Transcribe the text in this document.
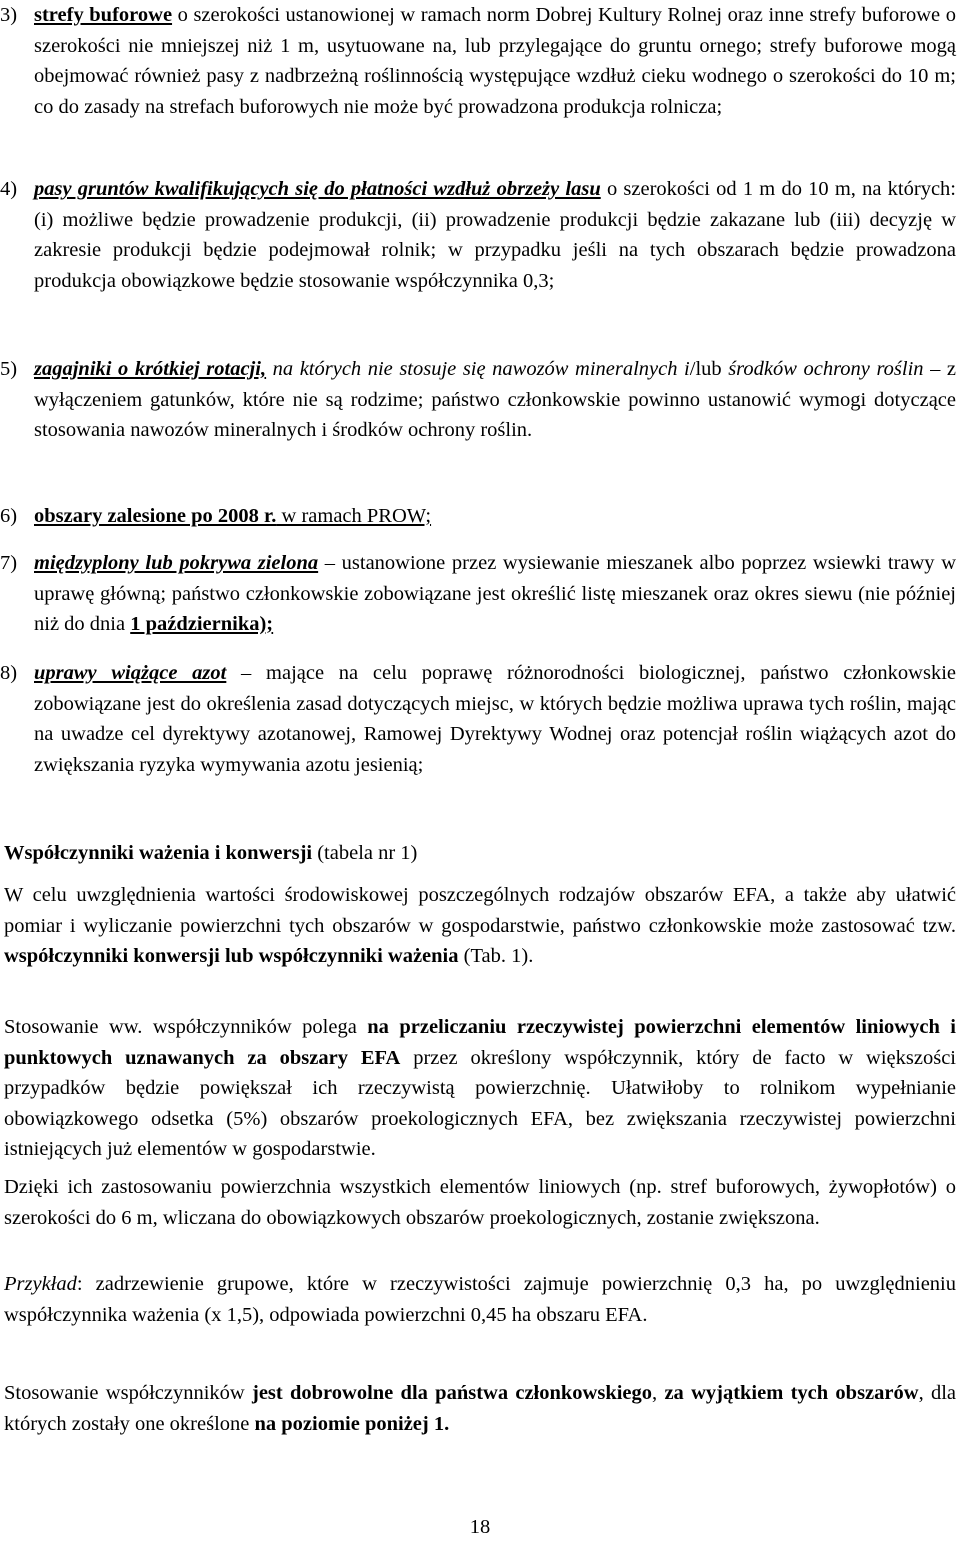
3) strefy buforowe o szerokości ustanowionej w ramach norm Dobrej Kultury Rolnej oraz inne strefy buforowe o szerokości nie mniejszej niż 1 m, usytuowane na, lub przylegające do gruntu ornego; strefy buforowe mogą obejmować również pasy z nadbrzeżną roślinnością występujące wzdłuż cieku wodnego o szerokości do 10 m; co do zasady na strefach buforowych nie może być prowadzona produkcja rolnicza;
4) pasy gruntów kwalifikujących się do płatności wzdłuż obrzeży lasu o szerokości od 1 m do 10 m, na których: (i) możliwe będzie prowadzenie produkcji, (ii) prowadzenie produkcji będzie zakazane lub (iii) decyzję w zakresie produkcji będzie podejmował rolnik; w przypadku jeśli na tych obszarach będzie prowadzona produkcja obowiązkowe będzie stosowanie współczynnika 0,3;
5) zagajniki o krótkiej rotacji, na których nie stosuje się nawozów mineralnych i/lub środków ochrony roślin – z wyłączeniem gatunków, które nie są rodzime; państwo członkowskie powinno ustanowić wymogi dotyczące stosowania nawozów mineralnych i środków ochrony roślin.
6) obszary zalesione po 2008 r. w ramach PROW;
7) międzyplony lub pokrywa zielona – ustanowione przez wysiewanie mieszanek albo poprzez wsiewki trawy w uprawę główną; państwo członkowskie zobowiązane jest określić listę mieszanek oraz okres siewu (nie później niż do dnia 1 października);
8) uprawy wiążące azot – mające na celu poprawę różnorodności biologicznej, państwo członkowskie zobowiązane jest do określenia zasad dotyczących miejsc, w których będzie możliwa uprawa tych roślin, mając na uwadze cel dyrektywy azotanowej, Ramowej Dyrektywy Wodnej oraz potencjał roślin wiążących azot do zwiększania ryzyka wymywania azotu jesienią;
Współczynniki ważenia i konwersji (tabela nr 1)
W celu uwzględnienia wartości środowiskowej poszczególnych rodzajów obszarów EFA, a także aby ułatwić pomiar i wyliczanie powierzchni tych obszarów w gospodarstwie, państwo członkowskie może zastosować tzw. współczynniki konwersji lub współczynniki ważenia (Tab. 1).
Stosowanie ww. współczynników polega na przeliczaniu rzeczywistej powierzchni elementów liniowych i punktowych uznawanych za obszary EFA przez określony współczynnik, który de facto w większości przypadków będzie powiększał ich rzeczywistą powierzchnię. Ułatwiłoby to rolnikom wypełnianie obowiązkowego odsetka (5%) obszarów proekologicznych EFA, bez zwiększania rzeczywistej powierzchni istniejących już elementów w gospodarstwie.
Dzięki ich zastosowaniu powierzchnia wszystkich elementów liniowych (np. stref buforowych, żywopłotów) o szerokości do 6 m, wliczana do obowiązkowych obszarów proekologicznych, zostanie zwiększona.
Przykład: zadrzewienie grupowe, które w rzeczywistości zajmuje powierzchnię 0,3 ha, po uwzględnieniu współczynnika ważenia (x 1,5), odpowiada powierzchni 0,45 ha obszaru EFA.
Stosowanie współczynników jest dobrowolne dla państwa członkowskiego, za wyjątkiem tych obszarów, dla których zostały one określone na poziomie poniżej 1.
18
